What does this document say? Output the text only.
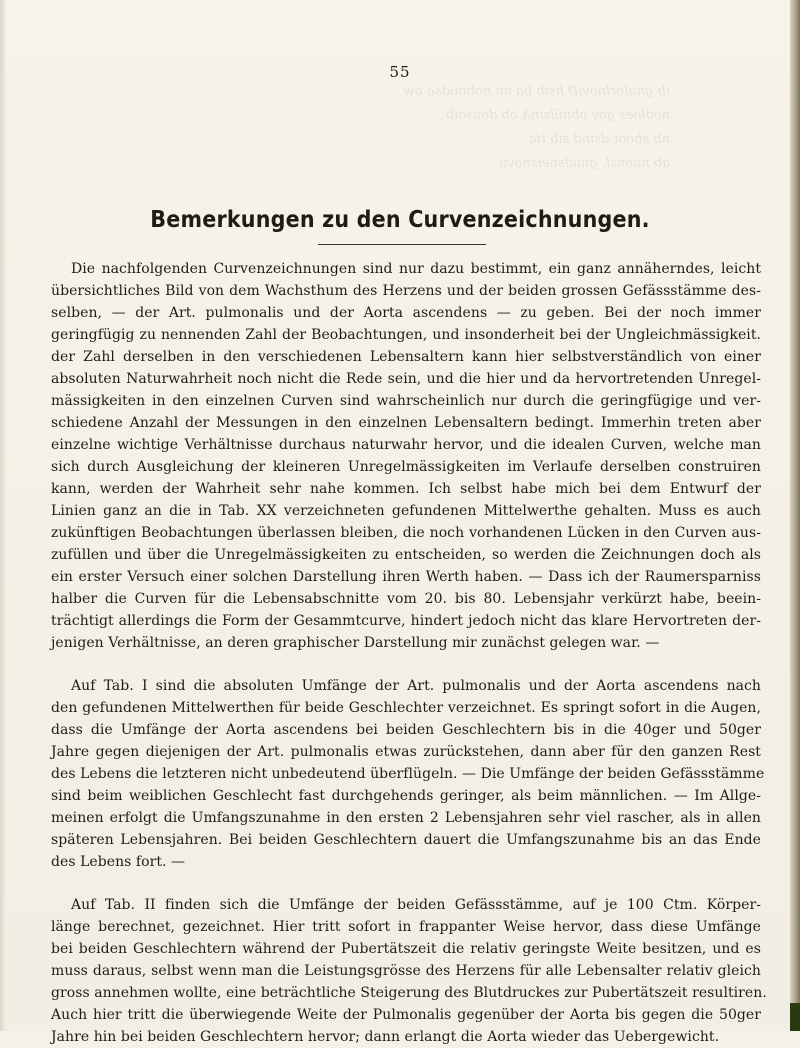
55
ib gnulörlnöviD hsib ba mi nobnudsg ow
nodloes gov obnülsinA ob dousoib
nb sboot dsind sib tia
ab nuonsl. gnudsneisnovu
Bemerkungen zu den Curvenzeichnungen.
Die nachfolgenden Curvenzeichnungen sind nur dazu bestimmt, ein ganz annäherndes, leicht
übersichtliches Bild von dem Wachsthum des Herzens und der beiden grossen Gefässstämme des-
selben, — der Art. pulmonalis und der Aorta ascendens — zu geben. Bei der noch immer
geringfügig zu nennenden Zahl der Beobachtungen, und insonderheit bei der Ungleichmässigkeit.
der Zahl derselben in den verschiedenen Lebensaltern kann hier selbstverständlich von einer
absoluten Naturwahrheit noch nicht die Rede sein, und die hier und da hervortretenden Unregel-
mässigkeiten in den einzelnen Curven sind wahrscheinlich nur durch die geringfügige und ver-
schiedene Anzahl der Messungen in den einzelnen Lebensaltern bedingt. Immerhin treten aber
einzelne wichtige Verhältnisse durchaus naturwahr hervor, und die idealen Curven, welche man
sich durch Ausgleichung der kleineren Unregelmässigkeiten im Verlaufe derselben construiren
kann, werden der Wahrheit sehr nahe kommen. Ich selbst habe mich bei dem Entwurf der
Linien ganz an die in Tab. XX verzeichneten gefundenen Mittelwerthe gehalten. Muss es auch
zukünftigen Beobachtungen überlassen bleiben, die noch vorhandenen Lücken in den Curven aus-
zufüllen und über die Unregelmässigkeiten zu entscheiden, so werden die Zeichnungen doch als
ein erster Versuch einer solchen Darstellung ihren Werth haben. — Dass ich der Raumersparniss
halber die Curven für die Lebensabschnitte vom 20. bis 80. Lebensjahr verkürzt habe, beein-
trächtigt allerdings die Form der Gesammtcurve, hindert jedoch nicht das klare Hervortreten der-
jenigen Verhältnisse, an deren graphischer Darstellung mir zunächst gelegen war. —
Auf Tab. I sind die absoluten Umfänge der Art. pulmonalis und der Aorta ascendens nach
den gefundenen Mittelwerthen für beide Geschlechter verzeichnet. Es springt sofort in die Augen,
dass die Umfänge der Aorta ascendens bei beiden Geschlechtern bis in die 40ger und 50ger
Jahre gegen diejenigen der Art. pulmonalis etwas zurückstehen, dann aber für den ganzen Rest
des Lebens die letzteren nicht unbedeutend überflügeln. — Die Umfänge der beiden Gefässstämme
sind beim weiblichen Geschlecht fast durchgehends geringer, als beim männlichen. — Im Allge-
meinen erfolgt die Umfangszunahme in den ersten 2 Lebensjahren sehr viel rascher, als in allen
späteren Lebensjahren. Bei beiden Geschlechtern dauert die Umfangszunahme bis an das Ende
des Lebens fort. —
Auf Tab. II finden sich die Umfänge der beiden Gefässstämme, auf je 100 Ctm. Körper-
länge berechnet, gezeichnet. Hier tritt sofort in frappanter Weise hervor, dass diese Umfänge
bei beiden Geschlechtern während der Pubertätszeit die relativ geringste Weite besitzen, und es
muss daraus, selbst wenn man die Leistungsgrösse des Herzens für alle Lebensalter relativ gleich
gross annehmen wollte, eine beträchtliche Steigerung des Blutdruckes zur Pubertätszeit resultiren.
Auch hier tritt die überwiegende Weite der Pulmonalis gegenüber der Aorta bis gegen die 50ger
Jahre hin bei beiden Geschlechtern hervor; dann erlangt die Aorta wieder das Uebergewicht.
